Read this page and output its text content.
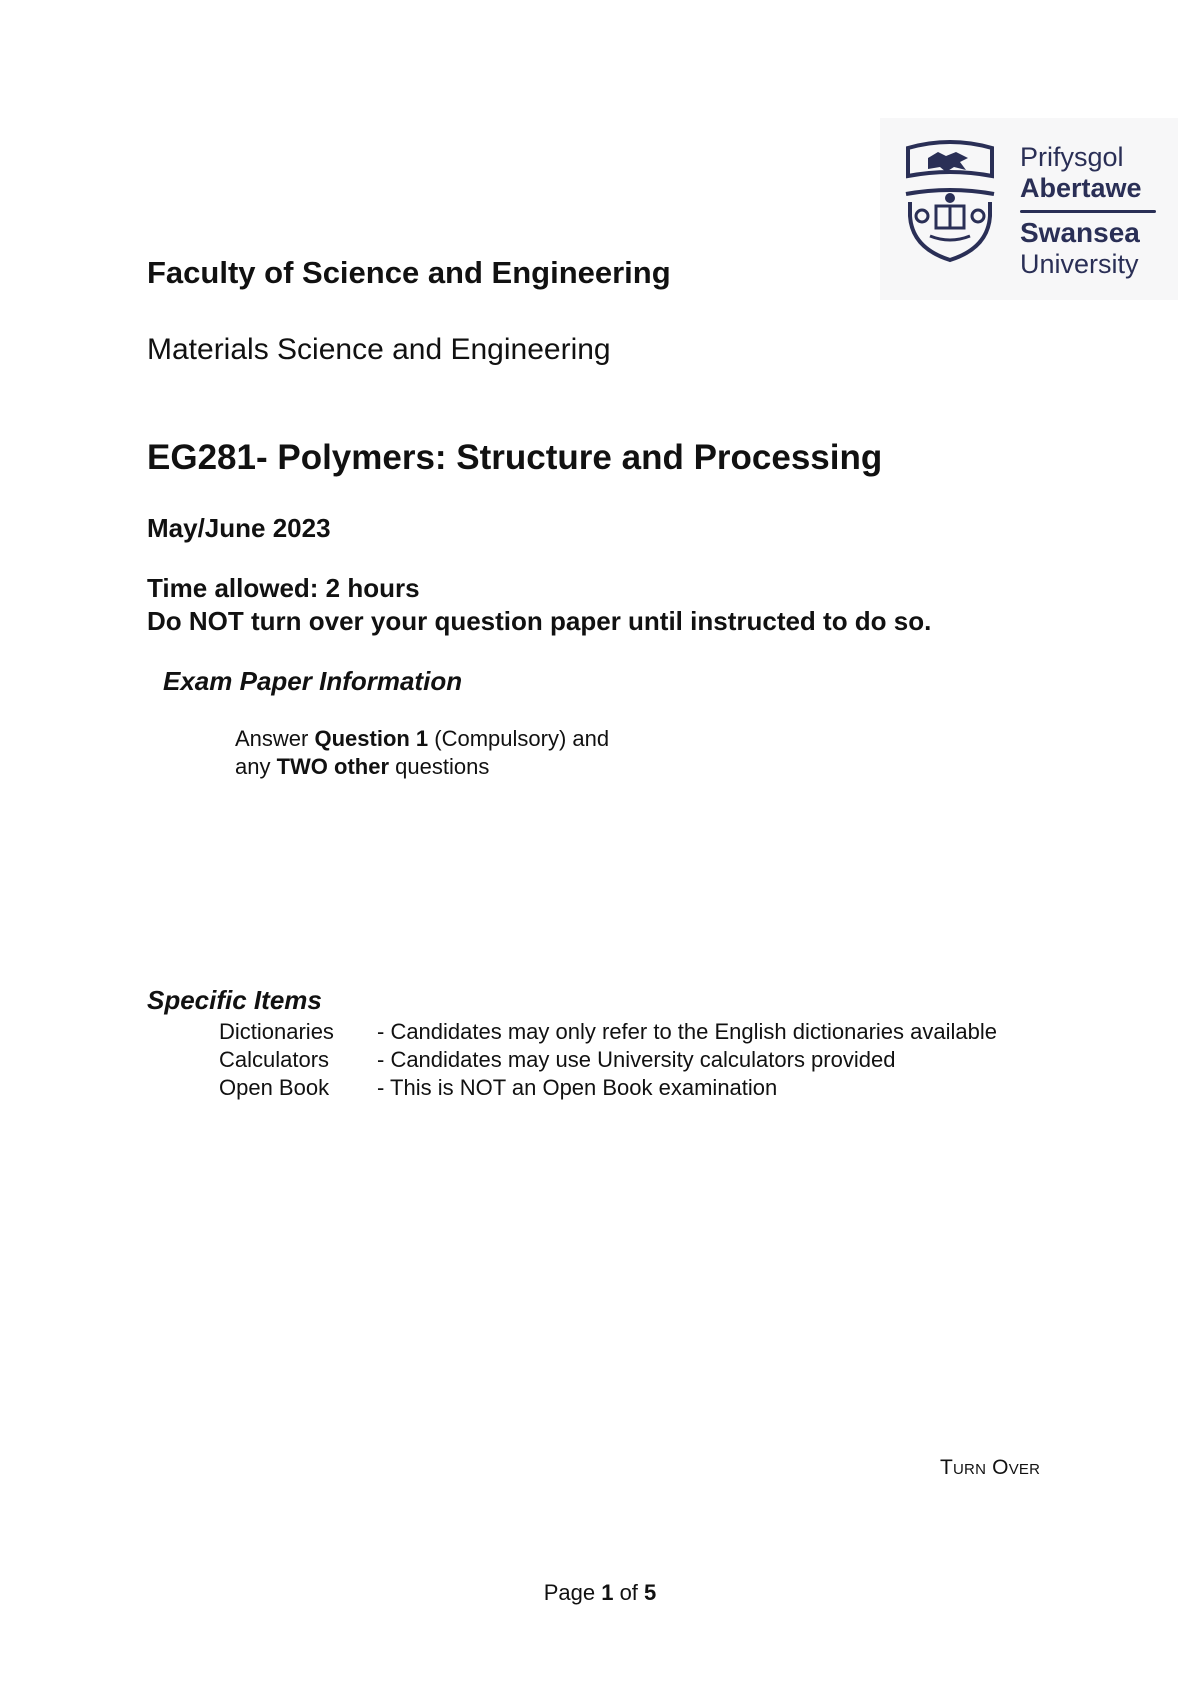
Prifysgol
Abertawe
Swansea
University
Faculty of Science and Engineering
Materials Science and Engineering
EG281- Polymers: Structure and Processing
May/June 2023
Time allowed: 2 hours
Do NOT turn over your question paper until instructed to do so.
Exam Paper Information
Answer Question 1 (Compulsory) and
any TWO other questions
Specific Items
Dictionaries - Candidates may only refer to the English dictionaries available
Calculators - Candidates may use University calculators provided
Open Book - This is NOT an Open Book examination
Turn Over
Page 1 of 5
